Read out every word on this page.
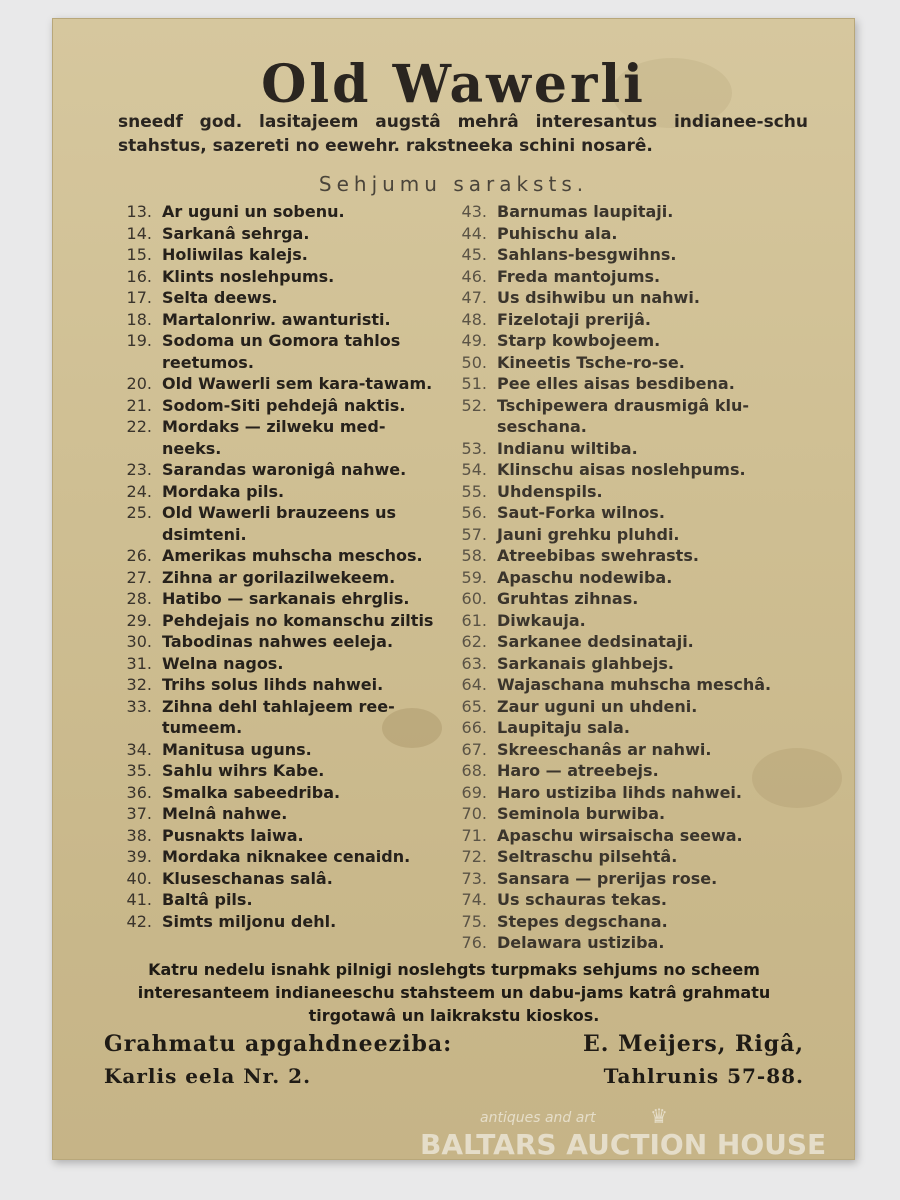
Old Wawerli
sneedf god. lasitajeem augstâ mehrâ interesantus indianee-schu stahstus, sazereti no eewehr. rakstneeka schini nosarê.
Sehjumu saraksts.
13. Ar uguni un sobenu.
14. Sarkanâ sehrga.
15. Holiwilas kalejs.
16. Klints noslehpums.
17. Selta deews.
18. Martalonriw. awanturisti.
19. Sodoma un Gomora tahlos reetumos.
20. Old Wawerli sem kara-tawam.
21. Sodom-Siti pehdejâ naktis.
22. Mordaks — zilweku med-neeks.
23. Sarandas waronigâ nahwe.
24. Mordaka pils.
25. Old Wawerli brauzeens us dsimteni.
26. Amerikas muhscha meschos.
27. Zihna ar gorilazilwekeem.
28. Hatibo — sarkanais ehrglis.
29. Pehdejais no komanschu ziltis
30. Tabodinas nahwes eeleja.
31. Welna nagos.
32. Trihs solus lihds nahwei.
33. Zihna dehl tahlajeem ree-tumeem.
34. Manitusa uguns.
35. Sahlu wihrs Kabe.
36. Smalka sabeedriba.
37. Melnâ nahwe.
38. Pusnakts laiwa.
39. Mordaka niknakee cenaidn.
40. Kluseschanas salâ.
41. Baltâ pils.
42. Simts miljonu dehl.
43. Barnumas laupitaji.
44. Puhischu ala.
45. Sahlans-besgwihns.
46. Freda mantojums.
47. Us dsihwibu un nahwi.
48. Fizelotaji prerijâ.
49. Starp kowbojeem.
50. Kineetis Tsche-ro-se.
51. Pee elles aisas besdibena.
52. Tschipewera drausmigâ klu-seschana.
53. Indianu wiltiba.
54. Klinschu aisas noslehpums.
55. Uhdenspils.
56. Saut-Forka wilnos.
57. Jauni grehku pluhdi.
58. Atreebibas swehrasts.
59. Apaschu nodewiba.
60. Gruhtas zihnas.
61. Diwkauja.
62. Sarkanee dedsinataji.
63. Sarkanais glahbejs.
64. Wajaschana muhscha meschâ.
65. Zaur uguni un uhdeni.
66. Laupitaju sala.
67. Skreeschanâs ar nahwi.
68. Haro — atreebejs.
69. Haro ustiziba lihds nahwei.
70. Seminola burwiba.
71. Apaschu wirsaischa seewa.
72. Seltraschu pilsehtâ.
73. Sansara — prerijas rose.
74. Us schauras tekas.
75. Stepes degschana.
76. Delawara ustiziba.
Katru nedelu isnahk pilnigi noslehgts turpmaks sehjums no scheem interesanteem indianeeschu stahsteem un dabu-jams katrâ grahmatu tirgotawâ un laikrakstu kioskos.
Grahmatu apgahdneeziba:	E. Meijers, Rigâ,
Karlis eela Nr. 2.	Tahlrunis 57-88.
♛
antiques and art
BALTARS AUCTION HOUSE
